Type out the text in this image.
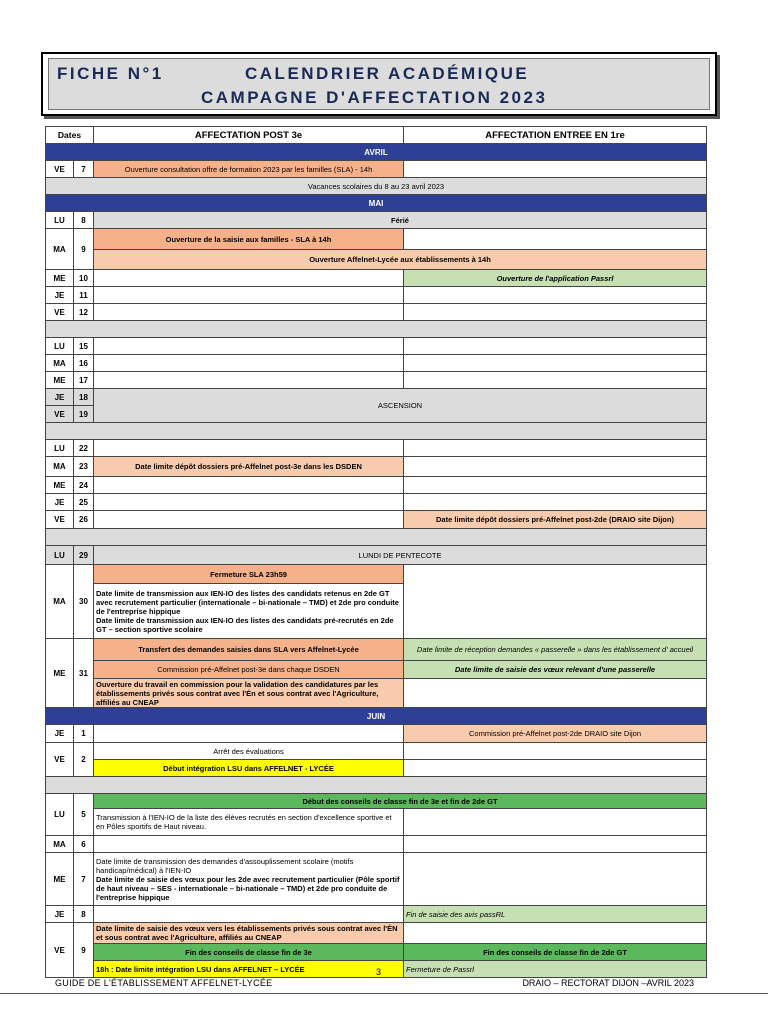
FICHE N°1	CALENDRIER ACADÉMIQUE
CAMPAGNE D'AFFECTATION 2023
Dates		AFFECTATION POST 3e	AFFECTATION ENTREE EN 1re
AVRIL			
VE	7	Ouverture consultation offre de formation 2023 par les familles (SLA) - 14h	
Vacances scolaires du 8 au 23 avril 2023			
MAI			
LU	8	Férié	
MA	9	Ouverture de la saisie aux familles - SLA à 14h	
		Ouverture Affelnet-Lycée aux établissements à 14h	
ME	10		Ouverture de l'application Passrl
JE	11		
VE	12		

LU	15		
MA	16		
ME	17		
JE	18	ASCENSION	
VE	19		

LU	22		
MA	23	Date limite dépôt dossiers pré-Affelnet post-3e dans les DSDEN	
ME	24		
JE	25		
VE	26		Date limite dépôt dossiers pré-Affelnet post-2de (DRAIO site Dijon)

LU	29	LUNDI DE PENTECOTE	
MA	30	Fermeture SLA 23h59	

		Date limite de transmission aux IEN-IO des listes des candidats retenus en 2de GT avec recrutement particulier (internationale – bi-nationale – TMD) et 2de pro conduite de l'entreprise hippique
Date limite de transmission aux IEN-IO des listes des candidats pré-recrutés en 2de GT – section sportive scolaire	

ME	31	Transfert des demandes saisies dans SLA vers Affelnet-Lycée	Date limite de réception demandes « passerelle » dans les établissement d' accueil
		Commission pré-Affelnet post-3e dans chaque DSDEN	Date limite de saisie des vœux relevant d'une passerelle
		Ouverture du travail en commission pour la validation des candidatures par les établissements privés sous contrat avec l'Én et sous contrat avec l'Agriculture, affiliés au CNEAP	
JUIN			
JE	1		Commission pré-Affelnet post-2de DRAIO site Dijon
VE	2	Arrêt des évaluations	
		Début intégration LSU dans AFFELNET - LYCÉE	

LU	5	Début des conseils de classe fin de 3e et fin de 2de GT	
		Transmission à l'IEN-IO de la liste des élèves recrutés en section d'excellence sportive et en Pôles sportifs de Haut niveau.	
MA	6		
ME	7	Date limite de transmission des demandes d'assouplissement scolaire (motifs handicap/médical) à l'IEN-IO
Date limite de saisie des vœux pour les 2de avec recrutement particulier (Pôle sportif de haut niveau – SES - internationale – bi-nationale – TMD) et 2de pro conduite de l'entreprise hippique	

JE	8		Fin de saisie des avis passRL
VE	9	Date limite de saisie des vœux vers les établissements privés sous contrat avec l'ÉN et sous contrat avec l'Agriculture, affiliés au CNEAP	
		Fin des conseils de classe fin de 3e	Fin des conseils de classe fin de 2de GT
		18h : Date limite intégration LSU dans AFFELNET – LYCÉE	Fermeture de Passrl
3
GUIDE DE L'ÉTABLISSEMENT AFFELNET-LYCÉE	DRAIO – RECTORAT DIJON –AVRIL 2023
